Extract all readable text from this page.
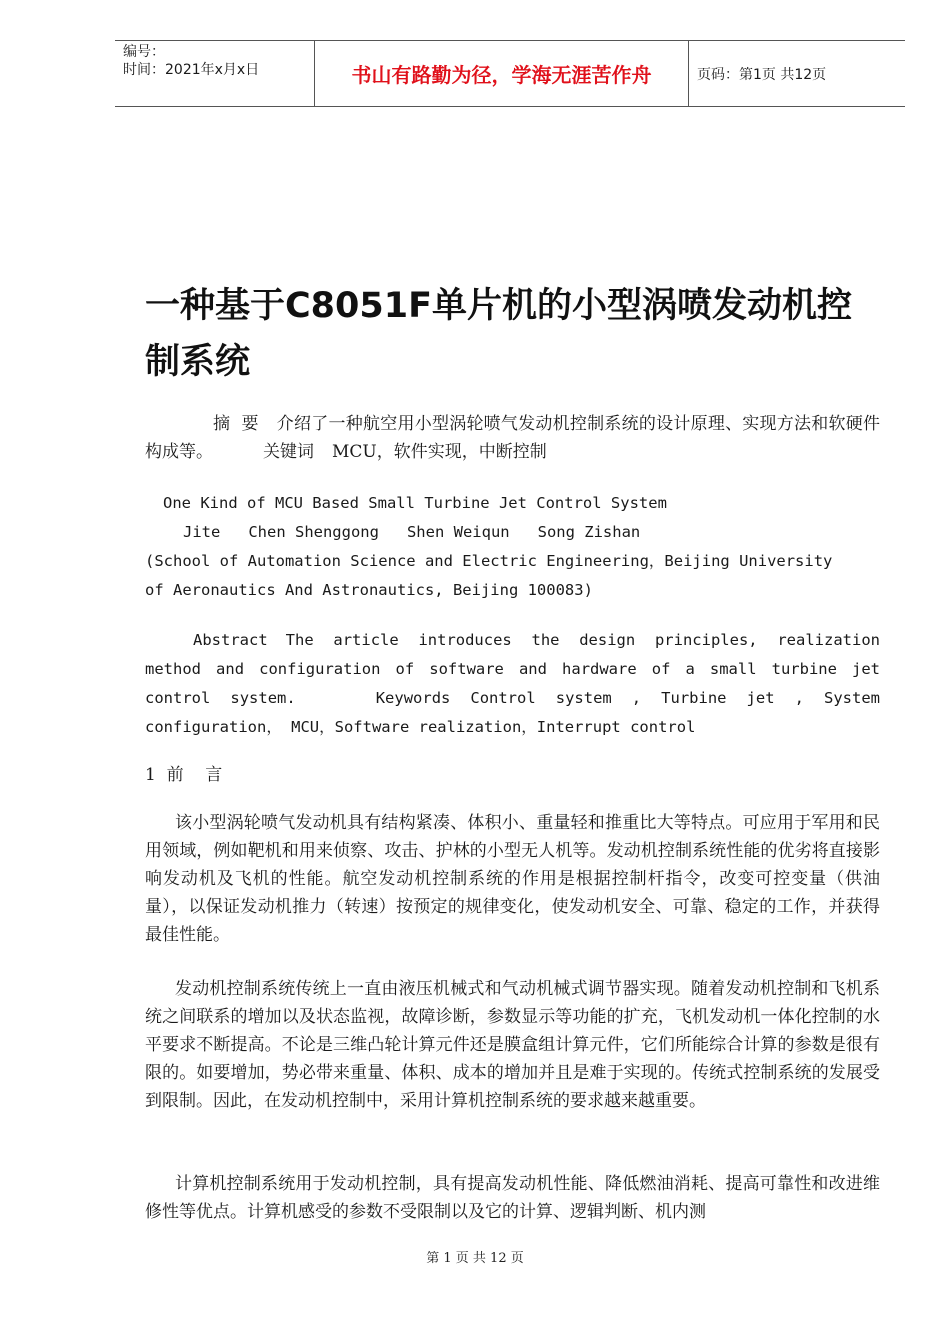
编号：
时间：2021年x月x日	书山有路勤为径，学海无涯苦作舟	页码：第1页 共12页
一种基于C8051F单片机的小型涡喷发动机控制系统
摘  要 介绍了一种航空用小型涡轮喷气发动机控制系统的设计原理、实现方法和软硬件构成等。	关键词 MCU，软件实现，中断控制
One Kind of MCU Based Small Turbine Jet Control System
Jite   Chen Shenggong   Shen Weiqun   Song Zishan
(School of Automation Science and Electric Engineering，Beijing University
of Aeronautics And Astronautics, Beijing 100083)
Abstract The article introduces the design principles, realization method and configuration of software and hardware of a small turbine jet control system.	Keywords Control system , Turbine jet , System configuration， MCU，Software realization，Interrupt control
1  前    言
该小型涡轮喷气发动机具有结构紧凑、体积小、重量轻和推重比大等特点。可应用于军用和民用领域，例如靶机和用来侦察、攻击、护林的小型无人机等。发动机控制系统性能的优劣将直接影响发动机及飞机的性能。航空发动机控制系统的作用是根据控制杆指令，改变可控变量（供油量），以保证发动机推力（转速）按预定的规律变化，使发动机安全、可靠、稳定的工作，并获得最佳性能。
发动机控制系统传统上一直由液压机械式和气动机械式调节器实现。随着发动机控制和飞机系统之间联系的增加以及状态监视，故障诊断，参数显示等功能的扩充，飞机发动机一体化控制的水平要求不断提高。不论是三维凸轮计算元件还是膜盒组计算元件，它们所能综合计算的参数是很有限的。如要增加，势必带来重量、体积、成本的增加并且是难于实现的。传统式控制系统的发展受到限制。因此，在发动机控制中，采用计算机控制系统的要求越来越重要。
计算机控制系统用于发动机控制，具有提高发动机性能、降低燃油消耗、提高可靠性和改进维修性等优点。计算机感受的参数不受限制以及它的计算、逻辑判断、机内测
第 1 页 共 12 页
